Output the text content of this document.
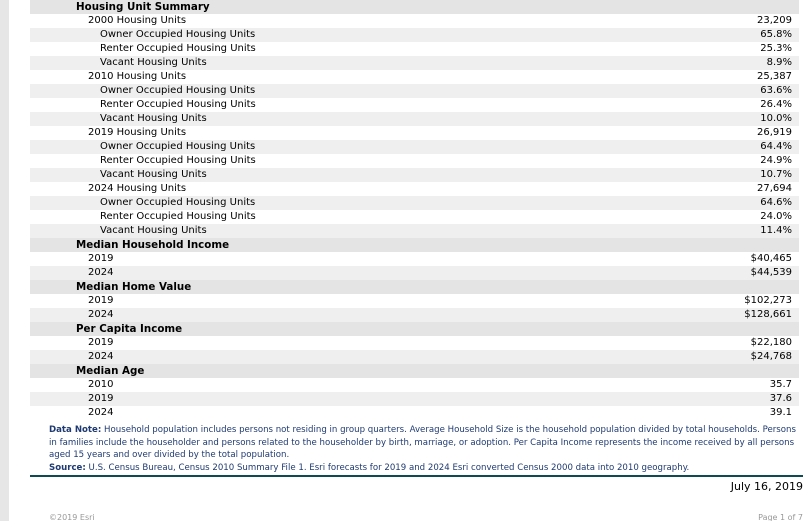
Housing Unit Summary
2000 Housing Units	23,209
Owner Occupied Housing Units	65.8%
Renter Occupied Housing Units	25.3%
Vacant Housing Units	8.9%
2010 Housing Units	25,387
Owner Occupied Housing Units	63.6%
Renter Occupied Housing Units	26.4%
Vacant Housing Units	10.0%
2019 Housing Units	26,919
Owner Occupied Housing Units	64.4%
Renter Occupied Housing Units	24.9%
Vacant Housing Units	10.7%
2024 Housing Units	27,694
Owner Occupied Housing Units	64.6%
Renter Occupied Housing Units	24.0%
Vacant Housing Units	11.4%
Median Household Income
2019	$40,465
2024	$44,539
Median Home Value
2019	$102,273
2024	$128,661
Per Capita Income
2019	$22,180
2024	$24,768
Median Age
2010	35.7
2019	37.6
2024	39.1
Data Note: Household population includes persons not residing in group quarters. Average Household Size is the household population divided by total households. Persons in families include the householder and persons related to the householder by birth, marriage, or adoption. Per Capita Income represents the income received by all persons aged 15 years and over divided by the total population.
Source: U.S. Census Bureau, Census 2010 Summary File 1. Esri forecasts for 2019 and 2024 Esri converted Census 2000 data into 2010 geography.
July 16, 2019
©2019 Esri	Page 1 of 7
